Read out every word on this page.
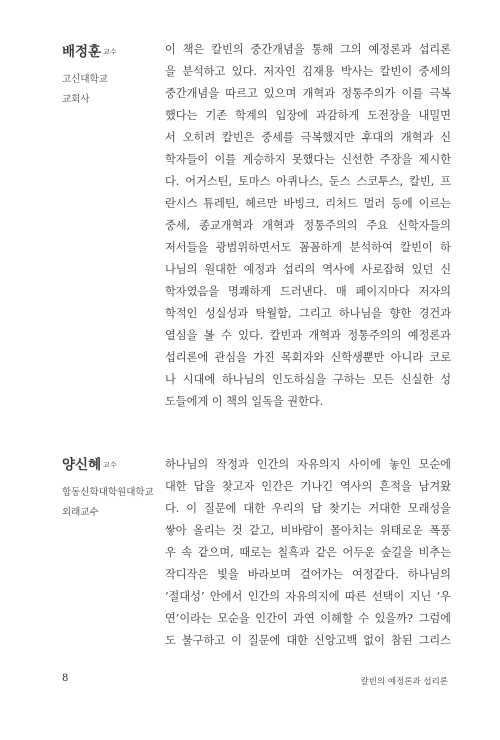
배정훈 교수

고신대학교

교회사

이 책은 칼빈의 중간개념을 통해 그의 예정론과 섭리론
을 분석하고 있다. 저자인 김재용 박사는 칼빈이 중세의
중간개념을 따르고 있으며 개혁과 정통주의가 이를 극복
했다는 기존 학계의 입장에 과감하게 도전장을 내밀면
서 오히려 칼빈은 중세를 극복했지만 후대의 개혁과 신
학자들이 이를 계승하지 못했다는 신선한 주장을 제시한
다. 어거스틴, 토마스 아퀴나스, 둔스 스코투스, 칼빈, 프
란시스 튜레틴, 헤르만 바빙크, 리처드 멀러 등에 이르는
중세, 종교개혁과 개혁과 정통주의의 주요 신학자들의
저서들을 광범위하면서도 꼼꼼하게 분석하여 칼빈이 하
나님의 원대한 예정과 섭리의 역사에 사로잡혀 있던 신
학자였음을 명쾌하게 드러낸다. 매 페이지마다 저자의
학적인 성실성과 탁월함, 그리고 하나님을 향한 경건과
열심을 볼 수 있다. 칼빈과 개혁과 정통주의의 예정론과
섭리론에 관심을 가진 목회자와 신학생뿐만 아니라 코로
나 시대에 하나님의 인도하심을 구하는 모든 신실한 성
도들에게 이 책의 일독을 권한다.
양신혜 교수

합동신학대학원대학교

외래교수

하나님의 작정과 인간의 자유의지 사이에 놓인 모순에
대한 답을 찾고자 인간은 기나긴 역사의 흔적을 남겨왔
다. 이 질문에 대한 우리의 답 찾기는 거대한 모래성을
쌓아 올리는 것 같고, 비바람이 몰아치는 위태로운 폭풍
우 속 같으며, 때로는 칠흑과 같은 어두운 숲길을 비추는
작디작은 빛을 바라보며 걸어가는 여정같다. 하나님의
‘절대성’ 안에서 인간의 자유의지에 따른 선택이 지닌 ‘우
연’이라는 모순을 인간이 과연 이해할 수 있을까? 그럼에
도 불구하고 이 질문에 대한 신앙고백 없이 참된 그리스
8	칼빈의 예정론과 섭리론
